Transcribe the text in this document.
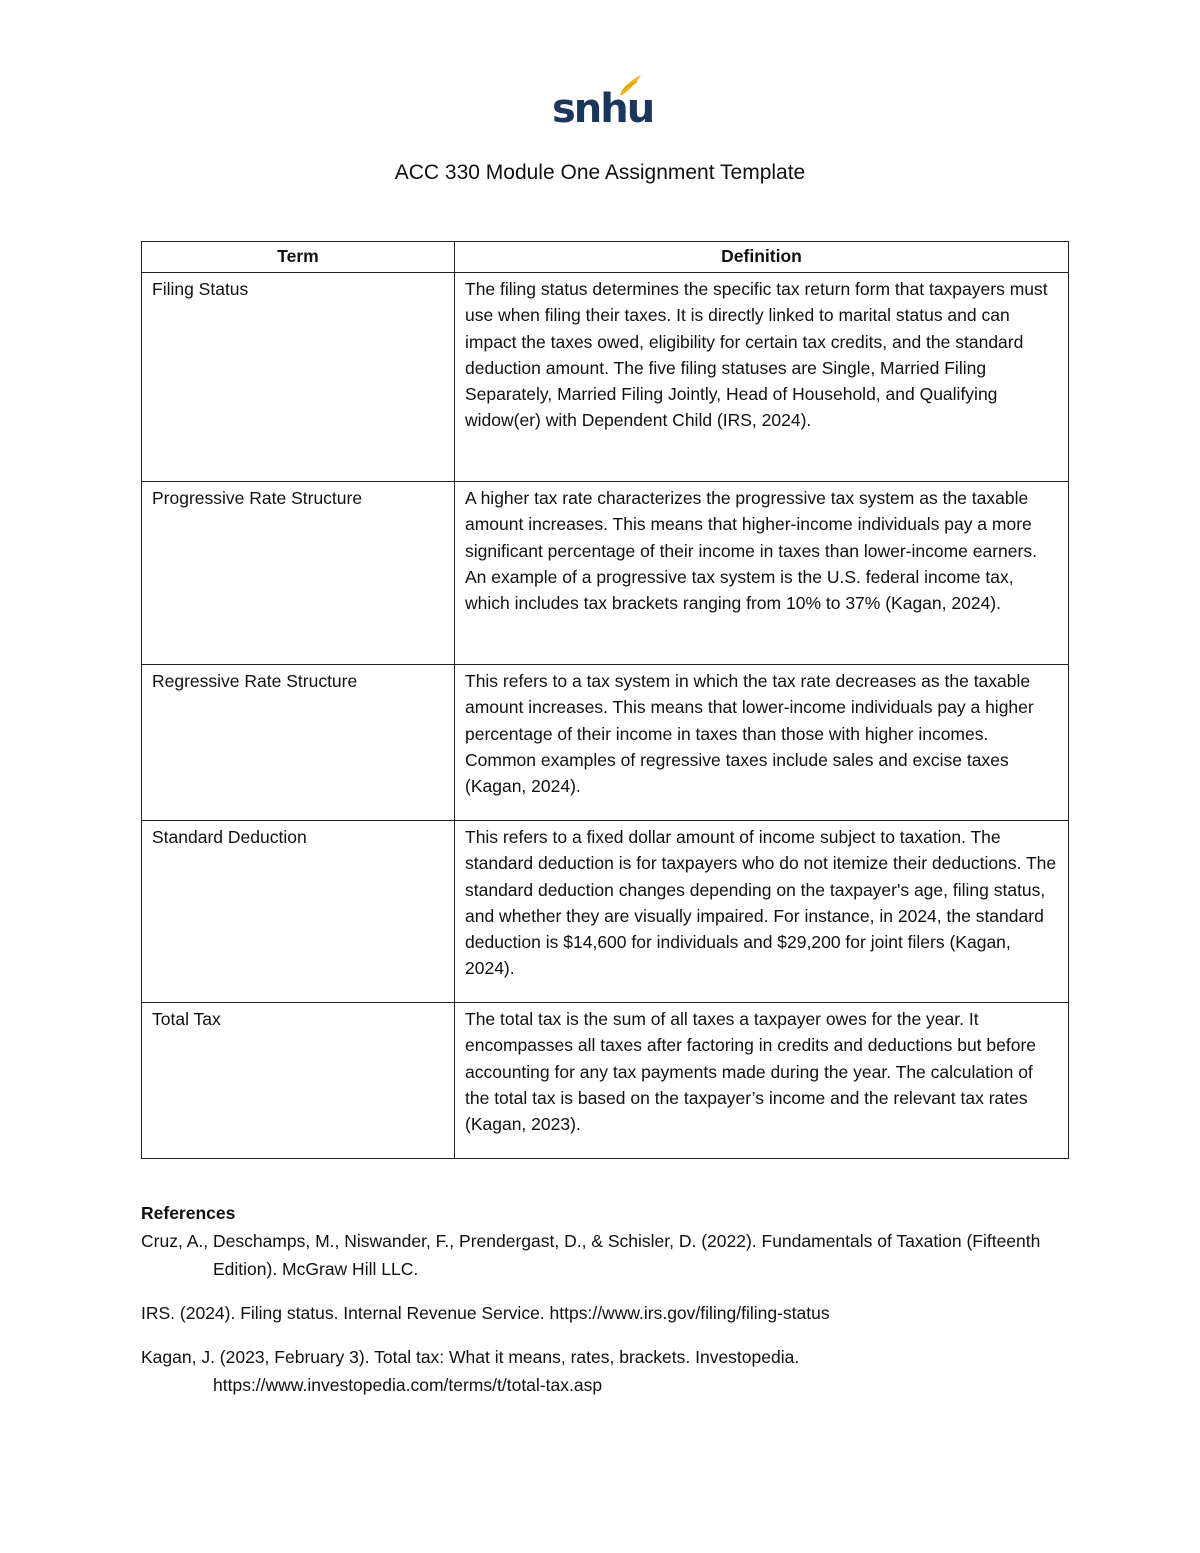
snhu
ACC 330 Module One Assignment Template
Term	Definition
Filing Status	The filing status determines the specific tax return form that taxpayers must use when filing their taxes. It is directly linked to marital status and can impact the taxes owed, eligibility for certain tax credits, and the standard deduction amount. The five filing statuses are Single, Married Filing Separately, Married Filing Jointly, Head of Household, and Qualifying widow(er) with Dependent Child (IRS, 2024).
Progressive Rate Structure	A higher tax rate characterizes the progressive tax system as the taxable amount increases. This means that higher-income individuals pay a more significant percentage of their income in taxes than lower-income earners. An example of a progressive tax system is the U.S. federal income tax, which includes tax brackets ranging from 10% to 37% (Kagan, 2024).
Regressive Rate Structure	This refers to a tax system in which the tax rate decreases as the taxable amount increases. This means that lower-income individuals pay a higher percentage of their income in taxes than those with higher incomes. Common examples of regressive taxes include sales and excise taxes (Kagan, 2024).
Standard Deduction	This refers to a fixed dollar amount of income subject to taxation. The standard deduction is for taxpayers who do not itemize their deductions. The standard deduction changes depending on the taxpayer's age, filing status, and whether they are visually impaired. For instance, in 2024, the standard deduction is $14,600 for individuals and $29,200 for joint filers (Kagan, 2024).
Total Tax	The total tax is the sum of all taxes a taxpayer owes for the year. It encompasses all taxes after factoring in credits and deductions but before accounting for any tax payments made during the year. The calculation of the total tax is based on the taxpayer’s income and the relevant tax rates (Kagan, 2023).

References

Cruz, A., Deschamps, M., Niswander, F., Prendergast, D., & Schisler, D. (2022). Fundamentals of Taxation (Fifteenth Edition). McGraw Hill LLC.

IRS. (2024). Filing status. Internal Revenue Service. https://www.irs.gov/filing/filing-status

Kagan, J. (2023, February 3). Total tax: What it means, rates, brackets. Investopedia. https://www.investopedia.com/terms/t/total-tax.asp
